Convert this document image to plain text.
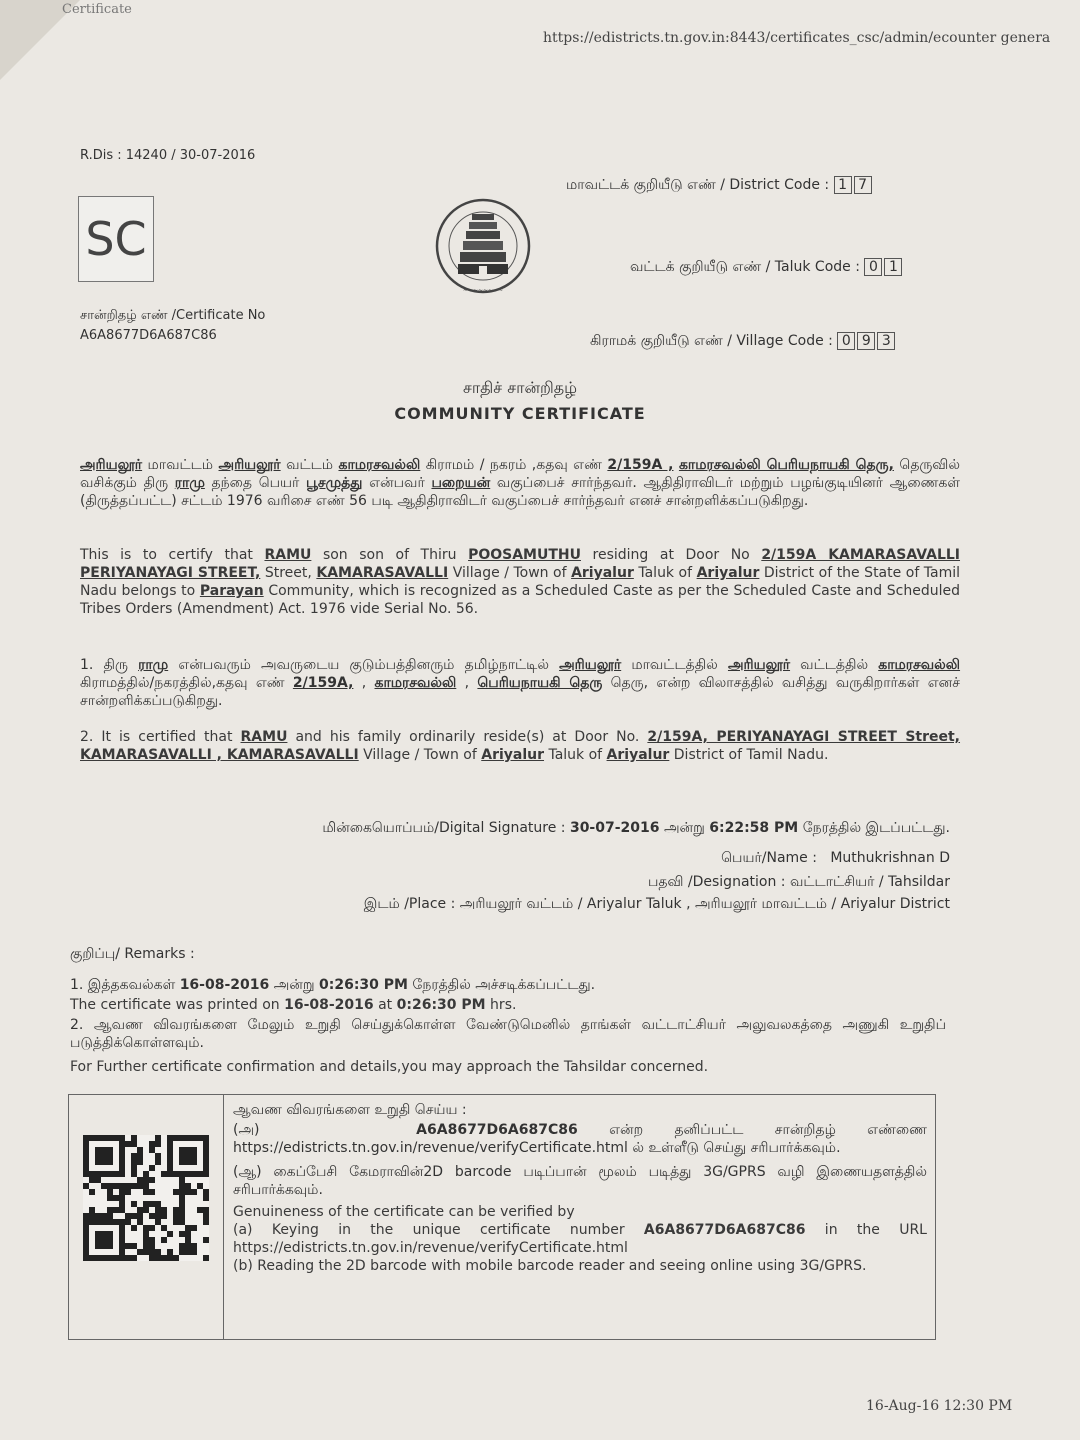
Certificate
https://edistricts.tn.gov.in:8443/certificates_csc/admin/ecounter genera
R.Dis : 14240 / 30-07-2016
SC
சான்றிதழ் எண் /Certificate No
A6A8677D6A687C86
~~~~~~~~
மாவட்டக் குறியீடு எண் / District Code : 1 7
வட்டக் குறியீடு எண் / Taluk Code : 0 1
கிராமக் குறியீடு எண் / Village Code : 0 9 3
சாதிச் சான்றிதழ்
COMMUNITY CERTIFICATE
அரியலூர் மாவட்டம் அரியலூர் வட்டம் காமரசவல்லி கிராமம் / நகரம் ,கதவு எண் 2/159A , காமரசவல்லி பெரியநாயகி தெரு, தெருவில் வசிக்கும் திரு ராமு தந்தை பெயர் பூசமுத்து என்பவர் பறையன் வகுப்பைச் சார்ந்தவர். ஆதிதிராவிடர் மற்றும் பழங்குடியினர் ஆணைகள் (திருத்தப்பட்ட) சட்டம் 1976 வரிசை எண் 56 படி ஆதிதிராவிடர் வகுப்பைச் சார்ந்தவர் எனச் சான்றளிக்கப்படுகிறது.
This is to certify that RAMU son son of Thiru POOSAMUTHU residing at Door No 2/159A KAMARASAVALLI PERIYANAYAGI STREET, Street, KAMARASAVALLI Village / Town of Ariyalur Taluk of Ariyalur District of the State of Tamil Nadu belongs to Parayan Community, which is recognized as a Scheduled Caste as per the Scheduled Caste and Scheduled Tribes Orders (Amendment) Act. 1976 vide Serial No. 56.
1. திரு ராமு என்பவரும் அவருடைய குடும்பத்தினரும் தமிழ்நாட்டில் அரியலூர் மாவட்டத்தில் அரியலூர் வட்டத்தில் காமரசவல்லி கிராமத்தில்/நகரத்தில்,கதவு எண் 2/159A, , காமரசவல்லி , பெரியநாயகி தெரு தெரு, என்ற விலாசத்தில் வசித்து வருகிறார்கள் எனச் சான்றளிக்கப்படுகிறது.
2. It is certified that RAMU and his family ordinarily reside(s) at Door No. 2/159A, PERIYANAYAGI STREET Street, KAMARASAVALLI , KAMARASAVALLI Village / Town of Ariyalur Taluk of Ariyalur District of Tamil Nadu.
மின்கையொப்பம்/Digital Signature : 30-07-2016 அன்று 6:22:58 PM நேரத்தில் இடப்பட்டது.
பெயர்/Name : Muthukrishnan D
பதவி /Designation : வட்டாட்சியர் / Tahsildar
இடம் /Place : அரியலூர் வட்டம் / Ariyalur Taluk , அரியலூர் மாவட்டம் / Ariyalur District
குறிப்பு/ Remarks :
1. இத்தகவல்கள் 16-08-2016 அன்று 0:26:30 PM நேரத்தில் அச்சடிக்கப்பட்டது.
The certificate was printed on 16-08-2016 at 0:26:30 PM hrs.
2. ஆவண விவரங்களை மேலும் உறுதி செய்துக்கொள்ள வேண்டுமெனில் தாங்கள் வட்டாட்சியர் அலுவலகத்தை அணுகி உறுதிப் படுத்திக்கொள்ளவும்.
For Further certificate confirmation and details,you may approach the Tahsildar concerned.
ஆவண விவரங்களை உறுதி செய்ய :
(அ)	A6A8677D6A687C86 என்ற தனிப்பட்ட சான்றிதழ் எண்ணை https://edistricts.tn.gov.in/revenue/verifyCertificate.html ல் உள்ளீடு செய்து சரிபார்க்கவும்.
(ஆ) கைப்பேசி கேமராவின்2D barcode படிப்பான் மூலம் படித்து 3G/GPRS வழி இணையதளத்தில் சரிபார்க்கவும்.
Genuineness of the certificate can be verified by
(a) Keying in the unique certificate number A6A8677D6A687C86 in the URL https://edistricts.tn.gov.in/revenue/verifyCertificate.html
(b) Reading the 2D barcode with mobile barcode reader and seeing online using 3G/GPRS.
16-Aug-16 12:30 PM
